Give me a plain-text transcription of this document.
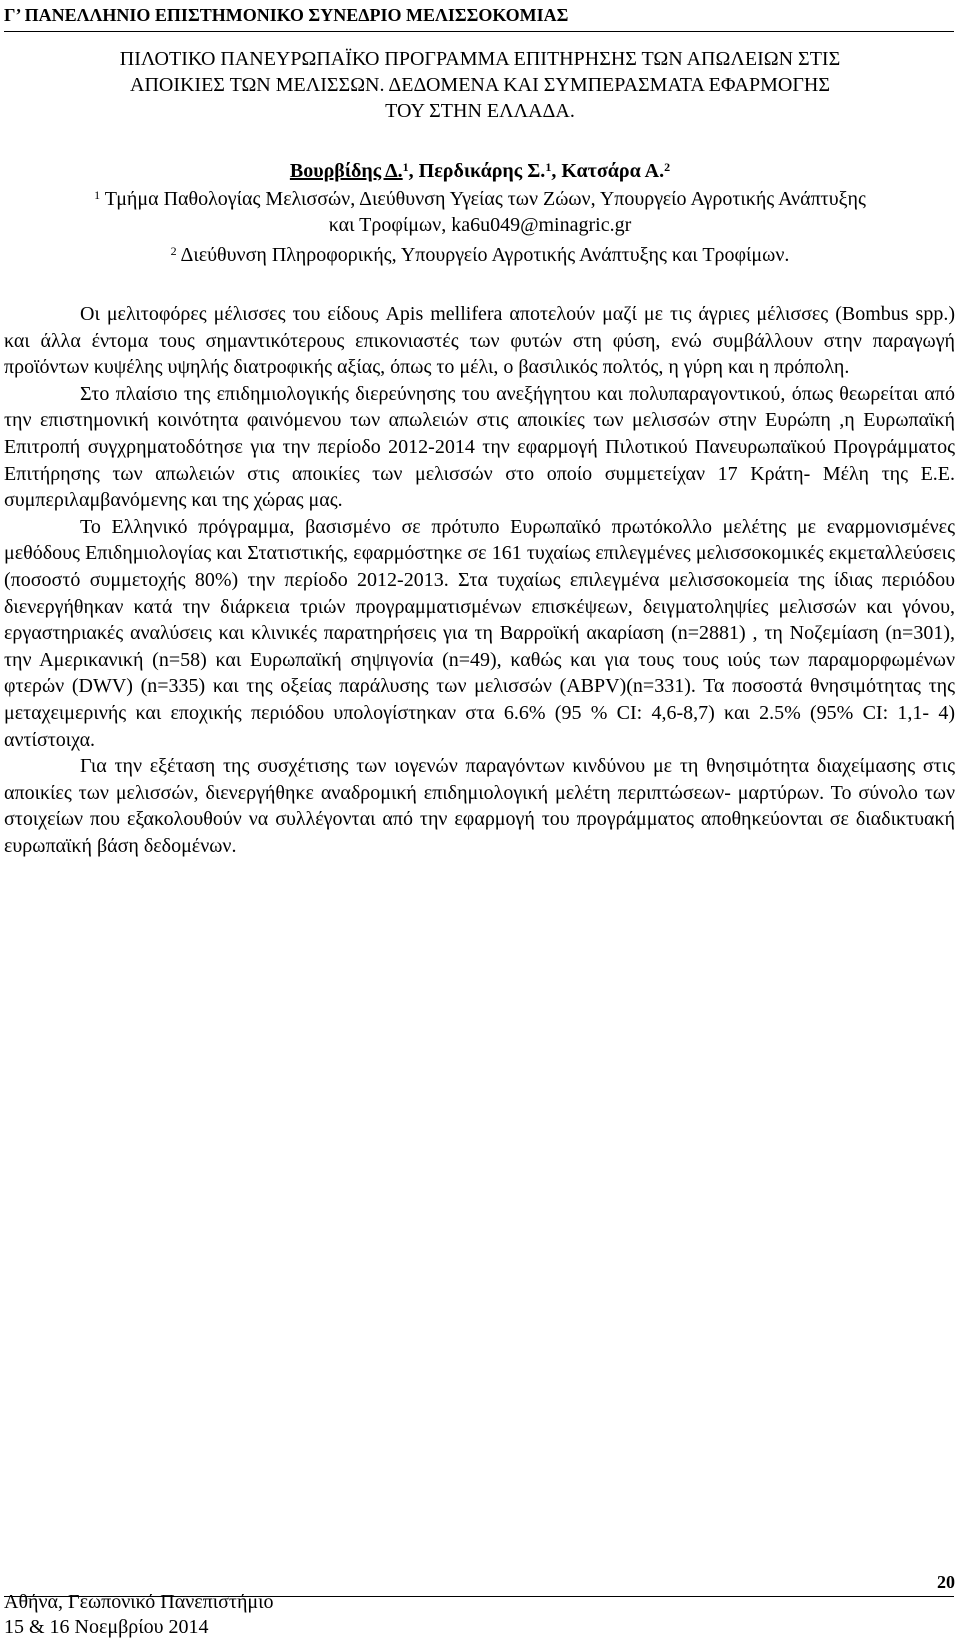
Γ’ ΠΑΝΕΛΛΗΝΙΟ ΕΠΙΣΤΗΜΟΝΙΚΟ ΣΥΝΕΔΡΙΟ ΜΕΛΙΣΣΟΚΟΜΙΑΣ
ΠΙΛΟΤΙΚΟ ΠΑΝΕΥΡΩΠΑΪΚΟ ΠΡΟΓΡΑΜΜΑ ΕΠΙΤΗΡΗΣΗΣ ΤΩΝ ΑΠΩΛΕΙΩΝ ΣΤΙΣ
ΑΠΟΙΚΙΕΣ ΤΩΝ ΜΕΛΙΣΣΩΝ. ΔΕΔΟΜΕΝΑ ΚΑΙ ΣΥΜΠΕΡΑΣΜΑΤΑ ΕΦΑΡΜΟΓΗΣ
ΤΟΥ ΣΤΗΝ ΕΛΛΑΔΑ.
Βουρβίδης Δ.$^1$, Περδικάρης Σ.$^1$, Κατσάρα Α.$^2$
$^1$ Τμήμα Παθολογίας Μελισσών, Διεύθυνση Υγείας των Ζώων, Υπουργείο Αγροτικής Ανάπτυξης
και Τροφίμων, ka6u049@minagric.gr
$^2$ Διεύθυνση Πληροφορικής, Υπουργείο Αγροτικής Ανάπτυξης και Τροφίμων.

Οι μελιτοφόρες μέλισσες του είδους Apis mellifera αποτελούν μαζί με τις άγριες μέλισσες (Bombus spp.) και άλλα έντομα τους σημαντικότερους επικονιαστές των φυτών στη φύση, ενώ συμβάλλουν στην παραγωγή προϊόντων κυψέλης υψηλής διατροφικής αξίας, όπως το μέλι, ο βασιλικός πολτός, η γύρη και η πρόπολη.

Στο πλαίσιο της επιδημιολογικής διερεύνησης του ανεξήγητου και πολυπαραγοντικού, όπως θεωρείται από την επιστημονική κοινότητα φαινόμενου των απωλειών στις αποικίες των μελισσών στην Ευρώπη ,η Ευρωπαϊκή Επιτροπή συγχρηματοδότησε για την περίοδο 2012-2014 την εφαρμογή Πιλοτικού Πανευρωπαϊκού Προγράμματος Επιτήρησης των απωλειών στις αποικίες των μελισσών στο οποίο συμμετείχαν 17 Κράτη- Μέλη της Ε.Ε. συμπεριλαμβανόμενης και της χώρας μας.

Το Ελληνικό πρόγραμμα, βασισμένο σε πρότυπο Ευρωπαϊκό πρωτόκολλο μελέτης με εναρμονισμένες μεθόδους Επιδημιολογίας και Στατιστικής, εφαρμόστηκε σε 161 τυχαίως επιλεγμένες μελισσοκομικές εκμεταλλεύσεις (ποσοστό συμμετοχής 80%) την περίοδο 2012-2013. Στα τυχαίως επιλεγμένα μελισσοκομεία της ίδιας περιόδου διενεργήθηκαν κατά την διάρκεια τριών προγραμματισμένων επισκέψεων, δειγματοληψίες μελισσών και γόνου, εργαστηριακές αναλύσεις και κλινικές παρατηρήσεις για τη Βαρροϊκή ακαρίαση (n=2881) , τη Νοζεμίαση (n=301), την Αμερικανική (n=58) και Ευρωπαϊκή σηψιγονία (n=49), καθώς και για τους τους ιούς των παραμορφωμένων φτερών (DWV) (n=335) και της οξείας παράλυσης των μελισσών (ABPV)(n=331). Τα ποσοστά θνησιμότητας της μεταχειμερινής και εποχικής περιόδου υπολογίστηκαν στα 6.6% (95 % CI: 4,6-8,7) και 2.5% (95% CI: 1,1- 4) αντίστοιχα.

Για την εξέταση της συσχέτισης των ιογενών παραγόντων κινδύνου με τη θνησιμότητα διαχείμασης στις αποικίες των μελισσών, διενεργήθηκε αναδρομική επιδημιολογική μελέτη περιπτώσεων- μαρτύρων. Το σύνολο των στοιχείων που εξακολουθούν να συλλέγονται από την εφαρμογή του προγράμματος αποθηκεύονται σε διαδικτυακή ευρωπαϊκή βάση δεδομένων.

20
Αθήνα, Γεωπονικό Πανεπιστήμιο
15 & 16 Νοεμβρίου 2014
